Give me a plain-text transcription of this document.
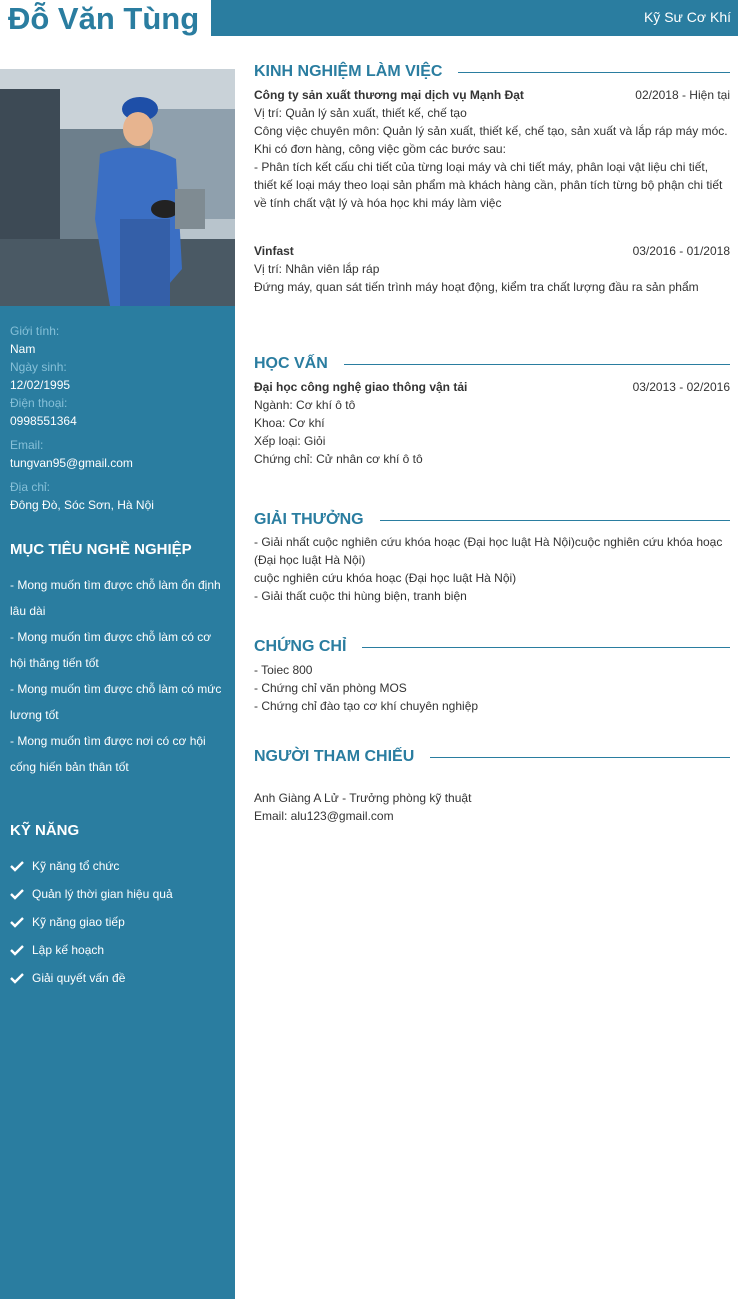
Kỹ Sư Cơ Khí
Đỗ Văn Tùng
Giới tính:
Nam
Ngày sinh:
12/02/1995
Điện thoại:
0998551364
Email:
tungvan95@gmail.com
Địa chỉ:
Đông Đò, Sóc Sơn, Hà Nội
MỤC TIÊU NGHỀ NGHIỆP
- Mong muốn tìm được chỗ làm ổn định lâu dài
- Mong muốn tìm được chỗ làm có cơ hội thăng tiến tốt
- Mong muốn tìm được chỗ làm có mức lương tốt
- Mong muốn tìm được nơi có cơ hội cống hiến bản thân tốt
KỸ NĂNG
Kỹ năng tổ chức
Quản lý thời gian hiệu quả
Kỹ năng giao tiếp
Lập kế hoạch
Giải quyết vấn đề
KINH NGHIỆM LÀM VIỆC
Công ty sản xuất thương mại dịch vụ Mạnh Đạt	02/2018 - Hiện tại

Vị trí: Quản lý sản xuất, thiết kế, chế tạo

Công việc chuyên môn: Quản lý sản xuất, thiết kế, chế tạo, sản xuất và lắp ráp máy móc.

Khi có đơn hàng, công việc gồm các bước sau:

- Phân tích kết cấu chi tiết của từng loại máy và chi tiết máy, phân loại vật liệu chi tiết, thiết kế loại máy theo loại sản phẩm mà khách hàng cần, phân tích từng bộ phận chi tiết về tính chất vật lý và hóa học khi máy làm việc

Vinfast	03/2016 - 01/2018

Vị trí: Nhân viên lắp ráp

Đứng máy, quan sát tiến trình máy hoạt động, kiểm tra chất lượng đầu ra sản phẩm

HỌC VẤN
Đại học công nghệ giao thông vận tải	03/2013 - 02/2016

Ngành: Cơ khí ô tô

Khoa: Cơ khí

Xếp loại: Giỏi

Chứng chỉ: Cử nhân cơ khí ô tô

GIẢI THƯỞNG

- Giải nhất cuộc nghiên cứu khóa hoạc (Đại học luật Hà Nội)cuộc nghiên cứu khóa hoạc (Đại học luật Hà Nội)

cuộc nghiên cứu khóa hoạc (Đại học luật Hà Nội)

- Giải thất cuộc thi hùng biện, tranh biện

CHỨNG CHỈ

- Toiec 800

- Chứng chỉ văn phòng MOS

- Chứng chỉ đào tạo cơ khí chuyên nghiệp

NGƯỜI THAM CHIẾU

Anh Giàng A Lử - Trưởng phòng kỹ thuật

Email: alu123@gmail.com
